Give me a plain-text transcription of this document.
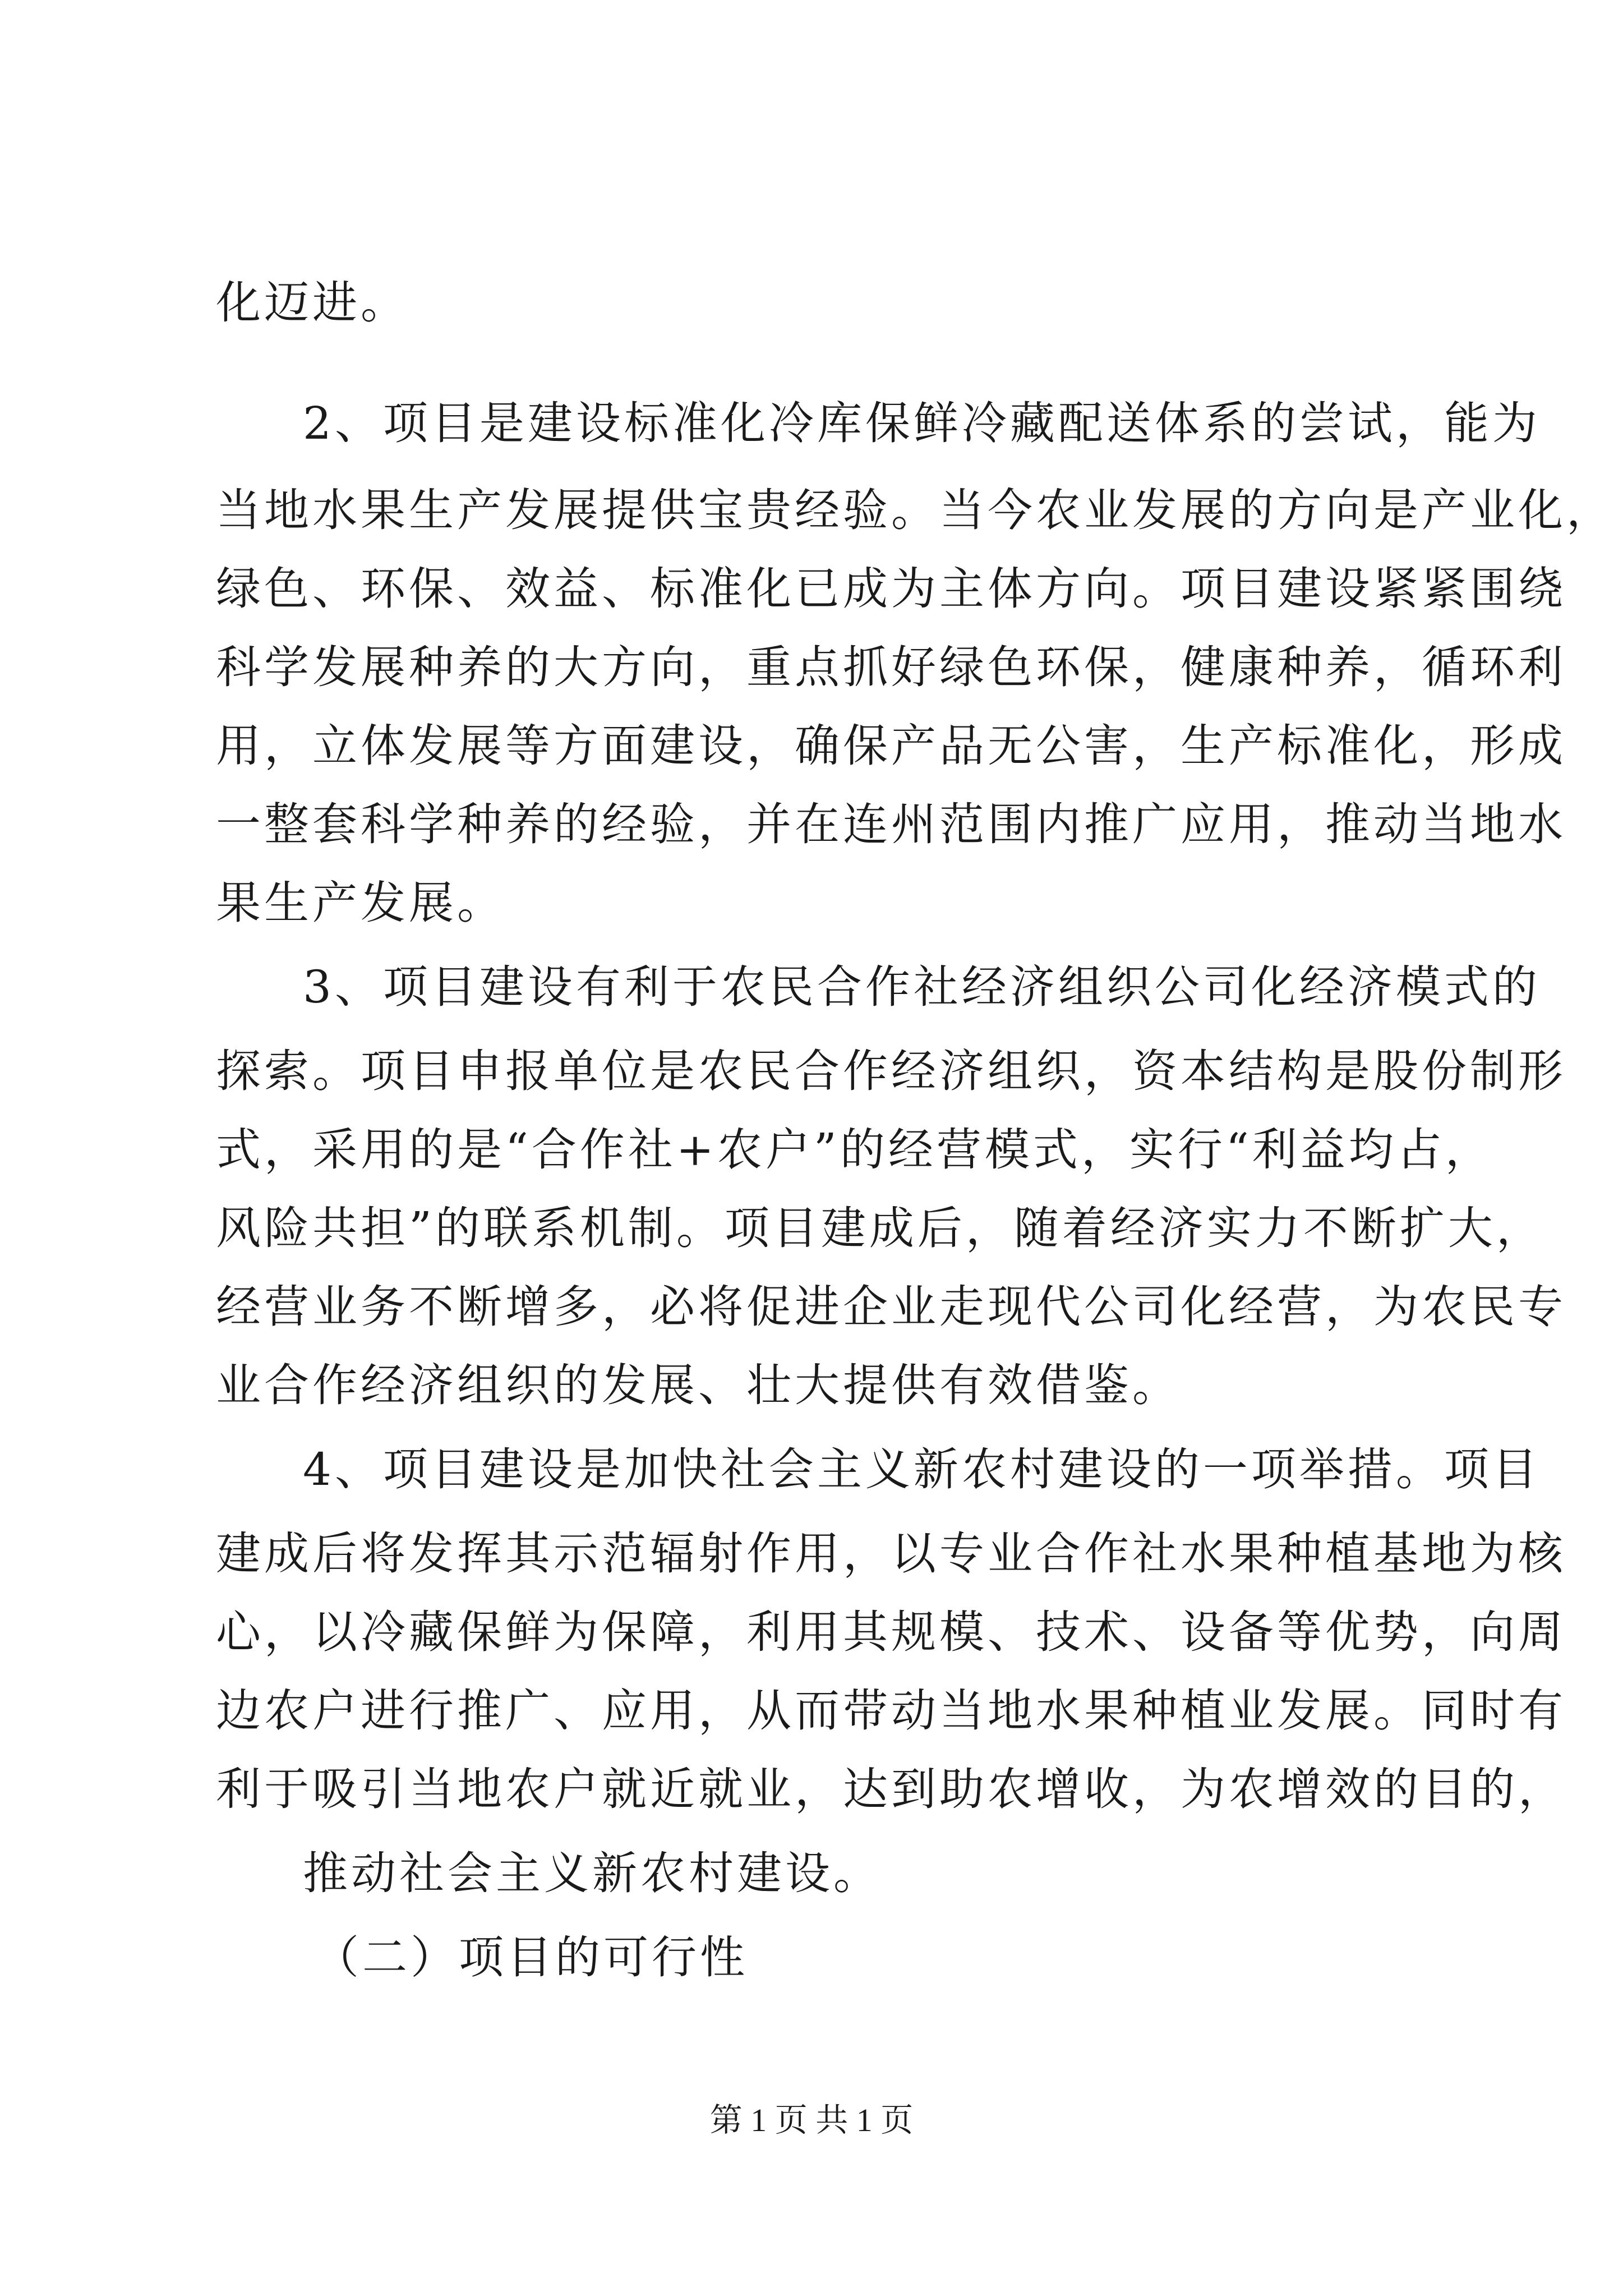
化迈进。
2、项目是建设标准化冷库保鲜冷藏配送体系的尝试，能为
当地水果生产发展提供宝贵经验。当今农业发展的方向是产业化，
绿色、环保、效益、标准化已成为主体方向。项目建设紧紧围绕
科学发展种养的大方向，重点抓好绿色环保，健康种养，循环利
用，立体发展等方面建设，确保产品无公害，生产标准化，形成
一整套科学种养的经验，并在连州范围内推广应用，推动当地水
果生产发展。
3、项目建设有利于农民合作社经济组织公司化经济模式的
探索。项目申报单位是农民合作经济组织，资本结构是股份制形
式，采用的是“合作社+农户”的经营模式，实行“利益均占，
风险共担”的联系机制。项目建成后，随着经济实力不断扩大，
经营业务不断增多，必将促进企业走现代公司化经营，为农民专
业合作经济组织的发展、壮大提供有效借鉴。
4、项目建设是加快社会主义新农村建设的一项举措。项目
建成后将发挥其示范辐射作用，以专业合作社水果种植基地为核
心，以冷藏保鲜为保障，利用其规模、技术、设备等优势，向周
边农户进行推广、应用，从而带动当地水果种植业发展。同时有
利于吸引当地农户就近就业，达到助农增收，为农增效的目的，
推动社会主义新农村建设。
（二）项目的可行性
第 1 页 共 1 页
